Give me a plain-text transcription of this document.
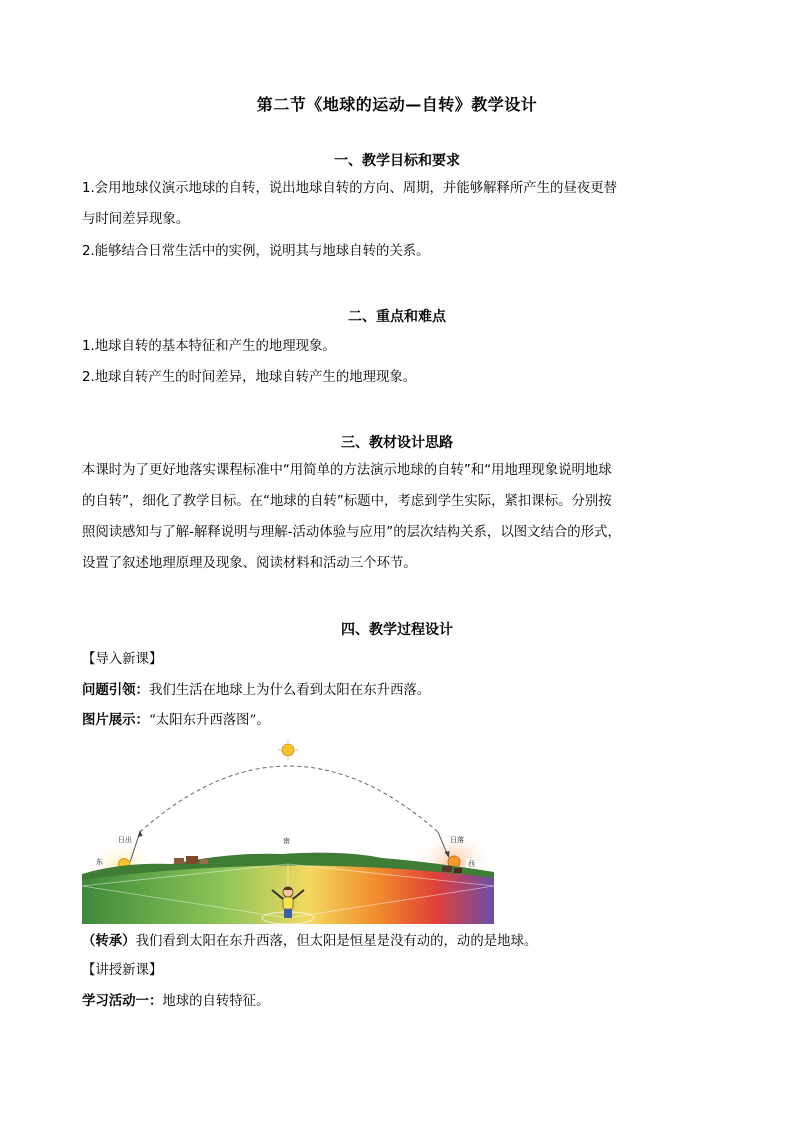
第二节《地球的运动—自转》教学设计
一、教学目标和要求
1.会用地球仪演示地球的自转，说出地球自转的方向、周期，并能够解释所产生的昼夜更替
与时间差异现象。
2.能够结合日常生活中的实例，说明其与地球自转的关系。
二、重点和难点
1.地球自转的基本特征和产生的地理现象。
2.地球自转产生的时间差异，地球自转产生的地理现象。
三、教材设计思路
本课时为了更好地落实课程标准中“用简单的方法演示地球的自转”和“用地理现象说明地球
的自转”，细化了教学目标。在“地球的自转”标题中，考虑到学生实际，紧扣课标。分别按
照阅读感知与了解-解释说明与理解-活动体验与应用”的层次结构关系，以图文结合的形式，
设置了叙述地理原理及现象、阅读材料和活动三个环节。
四、教学过程设计
【导入新课】
问题引领：我们生活在地球上为什么看到太阳在东升西落。
图片展示：“太阳东升西落图”。
日出
东
南	日落
西
（转承）我们看到太阳在东升西落，但太阳是恒星是没有动的，动的是地球。
【讲授新课】
学习活动一：地球的自转特征。
